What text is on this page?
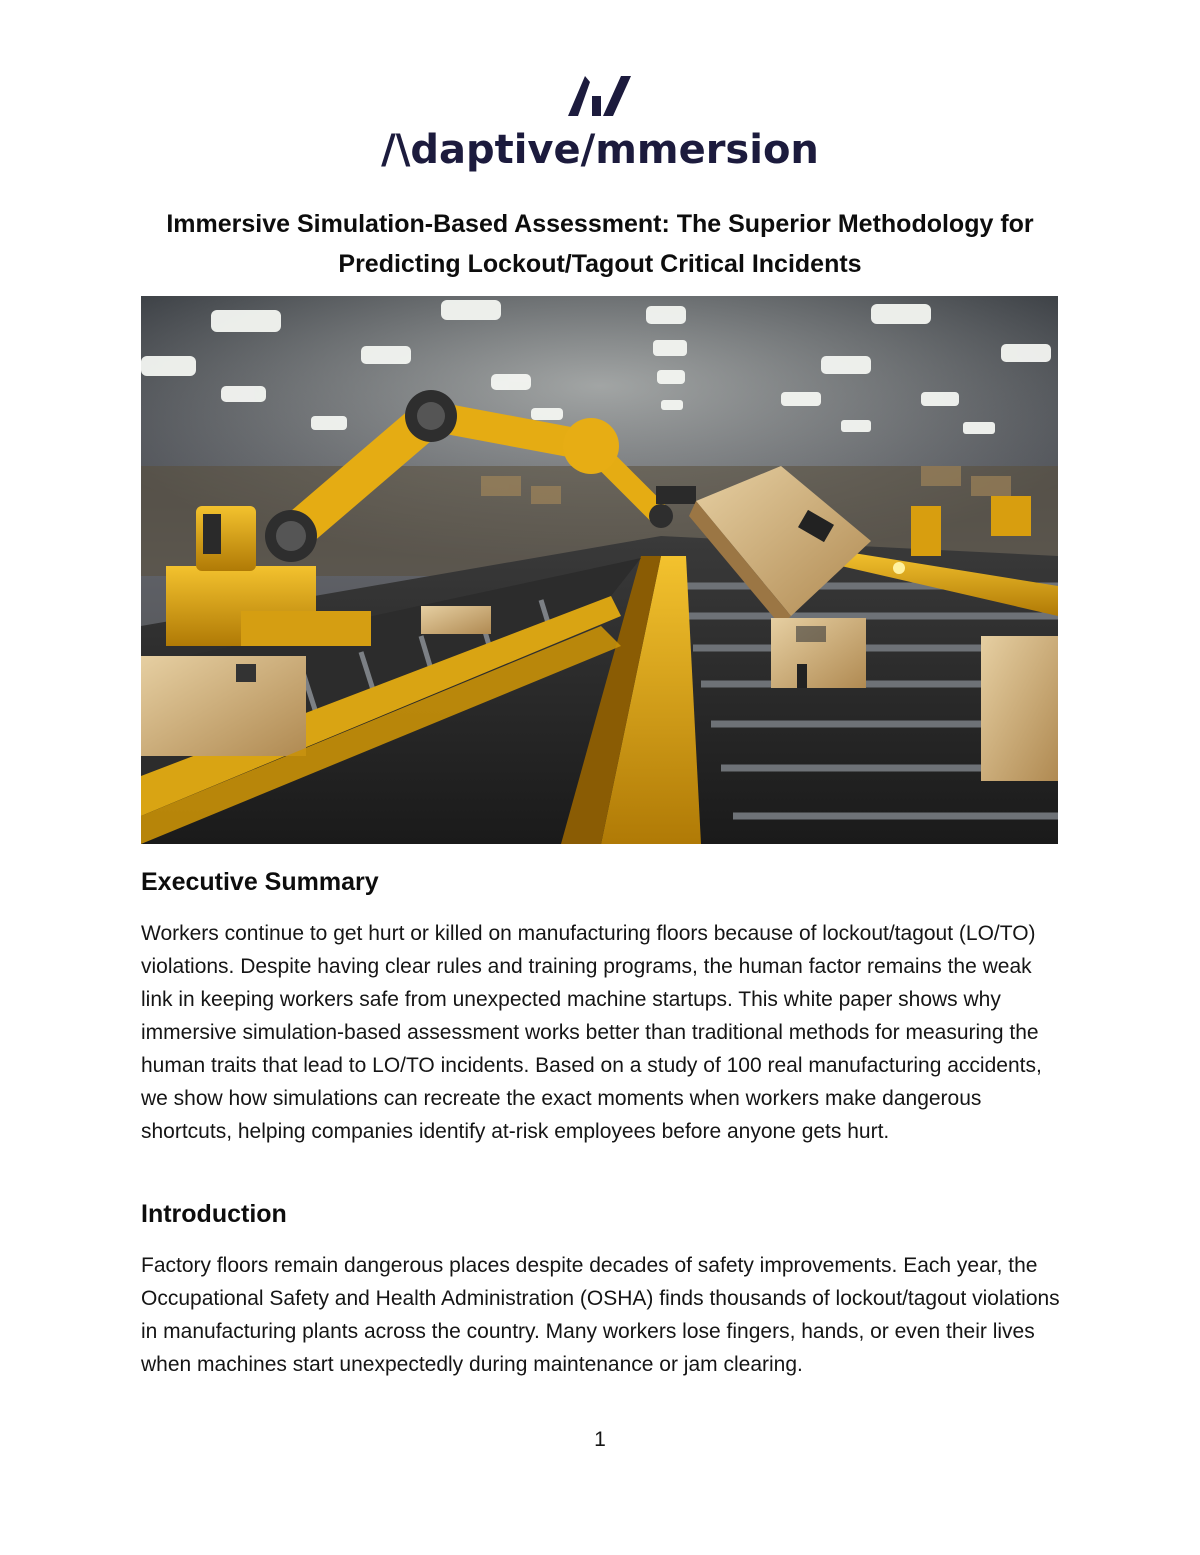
/\daptive/mmersion
Immersive Simulation-Based Assessment: The Superior Methodology for Predicting Lockout/Tagout Critical Incidents
Executive Summary

Workers continue to get hurt or killed on manufacturing floors because of lockout/tagout (LO/TO) violations. Despite having clear rules and training programs, the human factor remains the weak link in keeping workers safe from unexpected machine startups. This white paper shows why immersive simulation-based assessment works better than traditional methods for measuring the human traits that lead to LO/TO incidents. Based on a study of 100 real manufacturing accidents, we show how simulations can recreate the exact moments when workers make dangerous shortcuts, helping companies identify at-risk employees before anyone gets hurt.

Introduction

Factory floors remain dangerous places despite decades of safety improvements. Each year, the Occupational Safety and Health Administration (OSHA) finds thousands of lockout/tagout violations in manufacturing plants across the country. Many workers lose fingers, hands, or even their lives when machines start unexpectedly during maintenance or jam clearing.

1
